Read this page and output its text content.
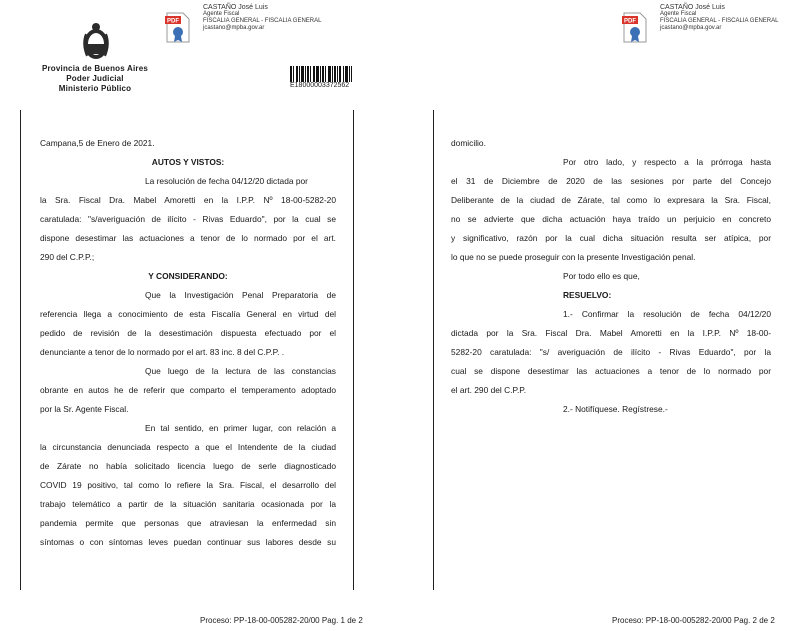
Provincia de Buenos Aires
Poder Judicial
Ministerio Público
PDF
CASTAÑO José Luis
Agente Fiscal
FISCALIA GENERAL - FISCALIA GENERAL
jcastano@mpba.gov.ar
E18000003372562
Campana,5 de Enero de 2021.
AUTOS Y VISTOS:
La resolución de fecha 04/12/20 dictada por
la Sra. Fiscal Dra. Mabel Amoretti en la I.P.P. Nº 18-00-5282-20
caratulada: "s/averiguación de ilícito - Rivas Eduardo", por la cual se
dispone desestimar las actuaciones a tenor de lo normado por el art.
290 del C.P.P.;
Y CONSIDERANDO:
Que la Investigación Penal Preparatoria de
referencia llega a conocimiento de esta Fiscalía General en virtud del
pedido de revisión de la desestimación dispuesta efectuado por el
denunciante a tenor de lo normado por el art. 83 inc. 8 del C.P.P. .
Que luego de la lectura de las constancias
obrante en autos he de referir que comparto el temperamento adoptado
por la Sr. Agente Fiscal.
En tal sentido, en primer lugar, con relación a
la circunstancia denunciada respecto a que el Intendente de la ciudad
de Zárate no había solicitado licencia luego de serle diagnosticado
COVID 19 positivo, tal como lo refiere la Sra. Fiscal, el desarrollo del
trabajo telemático a partir de la situación sanitaria ocasionada por la
pandemia permite que personas que atraviesan la enfermedad sin
síntomas o con síntomas leves puedan continuar sus labores desde su
Proceso: PP-18-00-005282-20/00 Pag. 1 de 2
PDF
CASTAÑO José Luis
Agente Fiscal
FISCALIA GENERAL - FISCALIA GENERAL
jcastano@mpba.gov.ar
domicilio.
Por otro lado, y respecto a la prórroga hasta
el 31 de Diciembre de 2020 de las sesiones por parte del Concejo
Deliberante de la ciudad de Zárate, tal como lo expresara la Sra. Fiscal,
no se advierte que dicha actuación haya traído un perjuicio en concreto
y significativo, razón por la cual dicha situación resulta ser atípica, por
lo que no se puede proseguir con la presente Investigación penal.
Por todo ello es que,
RESUELVO:
1.- Confirmar la resolución de fecha 04/12/20
dictada por la Sra. Fiscal Dra. Mabel Amoretti en la I.P.P. Nº 18-00-
5282-20 caratulada: "s/ averiguación de ilícito - Rivas Eduardo", por la
cual se dispone desestimar las actuaciones a tenor de lo normado por
el art. 290 del C.P.P.
2.- Notifíquese. Regístrese.-
Proceso: PP-18-00-005282-20/00 Pag. 2 de 2
